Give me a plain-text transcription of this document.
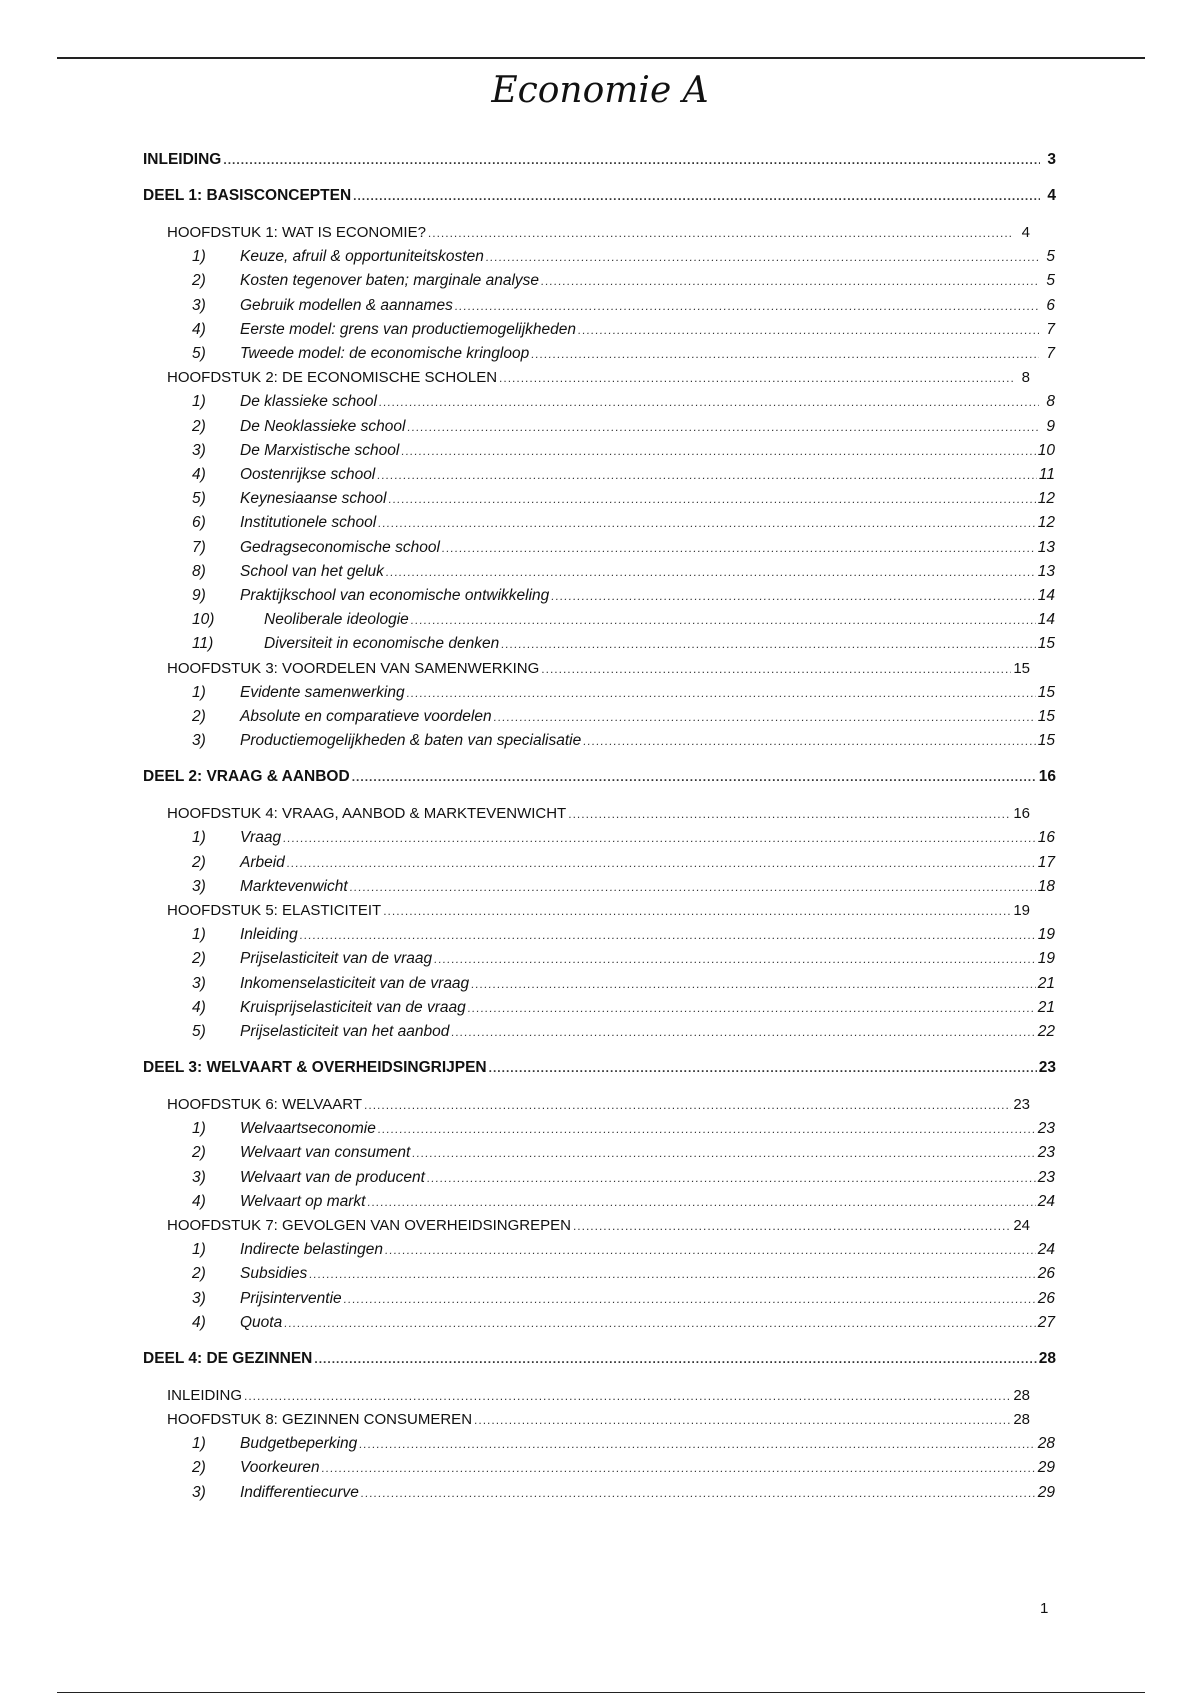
Economie A
INLEIDING .....	3
DEEL 1: BASISCONCEPTEN .....	4
HOOFDSTUK 1: WAT IS ECONOMIE? .....	4
1)	Keuze, afruil & opportuniteitskosten .....	5
2)	Kosten tegenover baten; marginale analyse .....	5
3)	Gebruik modellen & aannames .....	6
4)	Eerste model: grens van productiemogelijkheden .....	7
5)	Tweede model: de economische kringloop .....	7
HOOFDSTUK 2: DE ECONOMISCHE SCHOLEN .....	8
1)	De klassieke school .....	8
2)	De Neoklassieke school .....	9
3)	De Marxistische school .....	10
4)	Oostenrijkse school .....	11
5)	Keynesiaanse school .....	12
6)	Institutionele school .....	12
7)	Gedragseconomische school .....	13
8)	School van het geluk .....	13
9)	Praktijkschool van economische ontwikkeling .....	14
10)	Neoliberale ideologie .....	14
11)	Diversiteit in economische denken .....	15
HOOFDSTUK 3: VOORDELEN VAN SAMENWERKING .....	15
1)	Evidente samenwerking .....	15
2)	Absolute en comparatieve voordelen .....	15
3)	Productiemogelijkheden & baten van specialisatie .....	15
DEEL 2: VRAAG & AANBOD .....	16
HOOFDSTUK 4: VRAAG, AANBOD & MARKTEVENWICHT .....	16
1)	Vraag .....	16
2)	Arbeid .....	17
3)	Marktevenwicht .....	18
HOOFDSTUK 5: ELASTICITEIT .....	19
1)	Inleiding .....	19
2)	Prijselasticiteit van de vraag .....	19
3)	Inkomenselasticiteit van de vraag .....	21
4)	Kruisprijselasticiteit van de vraag .....	21
5)	Prijselasticiteit van het aanbod .....	22
DEEL 3: WELVAART & OVERHEIDSINGRIJPEN .....	23
HOOFDSTUK 6: WELVAART .....	23
1)	Welvaartseconomie .....	23
2)	Welvaart van consument .....	23
3)	Welvaart van de producent .....	23
4)	Welvaart op markt .....	24
HOOFDSTUK 7: GEVOLGEN VAN OVERHEIDSINGREPEN .....	24
1)	Indirecte belastingen .....	24
2)	Subsidies .....	26
3)	Prijsinterventie .....	26
4)	Quota .....	27
DEEL 4: DE GEZINNEN .....	28
INLEIDING .....	28
HOOFDSTUK 8: GEZINNEN CONSUMEREN .....	28
1)	Budgetbeperking .....	28
2)	Voorkeuren .....	29
3)	Indifferentiecurve .....	29
1
